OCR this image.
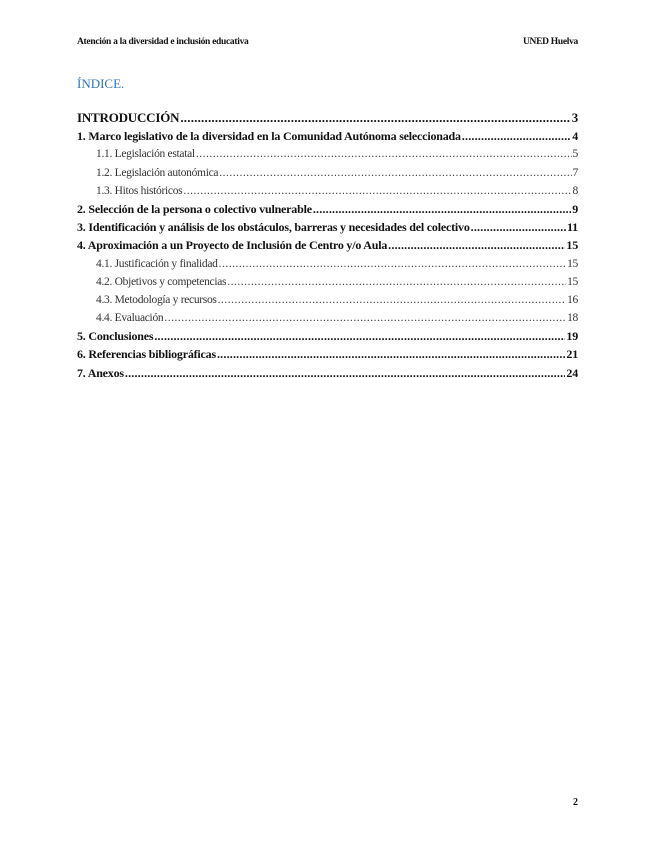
Atención a la diversidad e inclusión educativa	UNED Huelva
ÍNDICE.
INTRODUCCIÓN .....	3
1. Marco legislativo de la diversidad en la Comunidad Autónoma seleccionada .....	4
1.1. Legislación estatal .....	5
1.2. Legislación autonómica .....	7
1.3. Hitos históricos .....	8
2. Selección de la persona o colectivo vulnerable .....	9
3. Identificación y análisis de los obstáculos, barreras y necesidades del colectivo .....	11
4. Aproximación a un Proyecto de Inclusión de Centro y/o Aula .....	15
4.1. Justificación y finalidad .....	15
4.2. Objetivos y competencias .....	15
4.3. Metodología y recursos .....	16
4.4. Evaluación .....	18
5. Conclusiones .....	19
6. Referencias bibliográficas .....	21
7. Anexos .....	24
2
